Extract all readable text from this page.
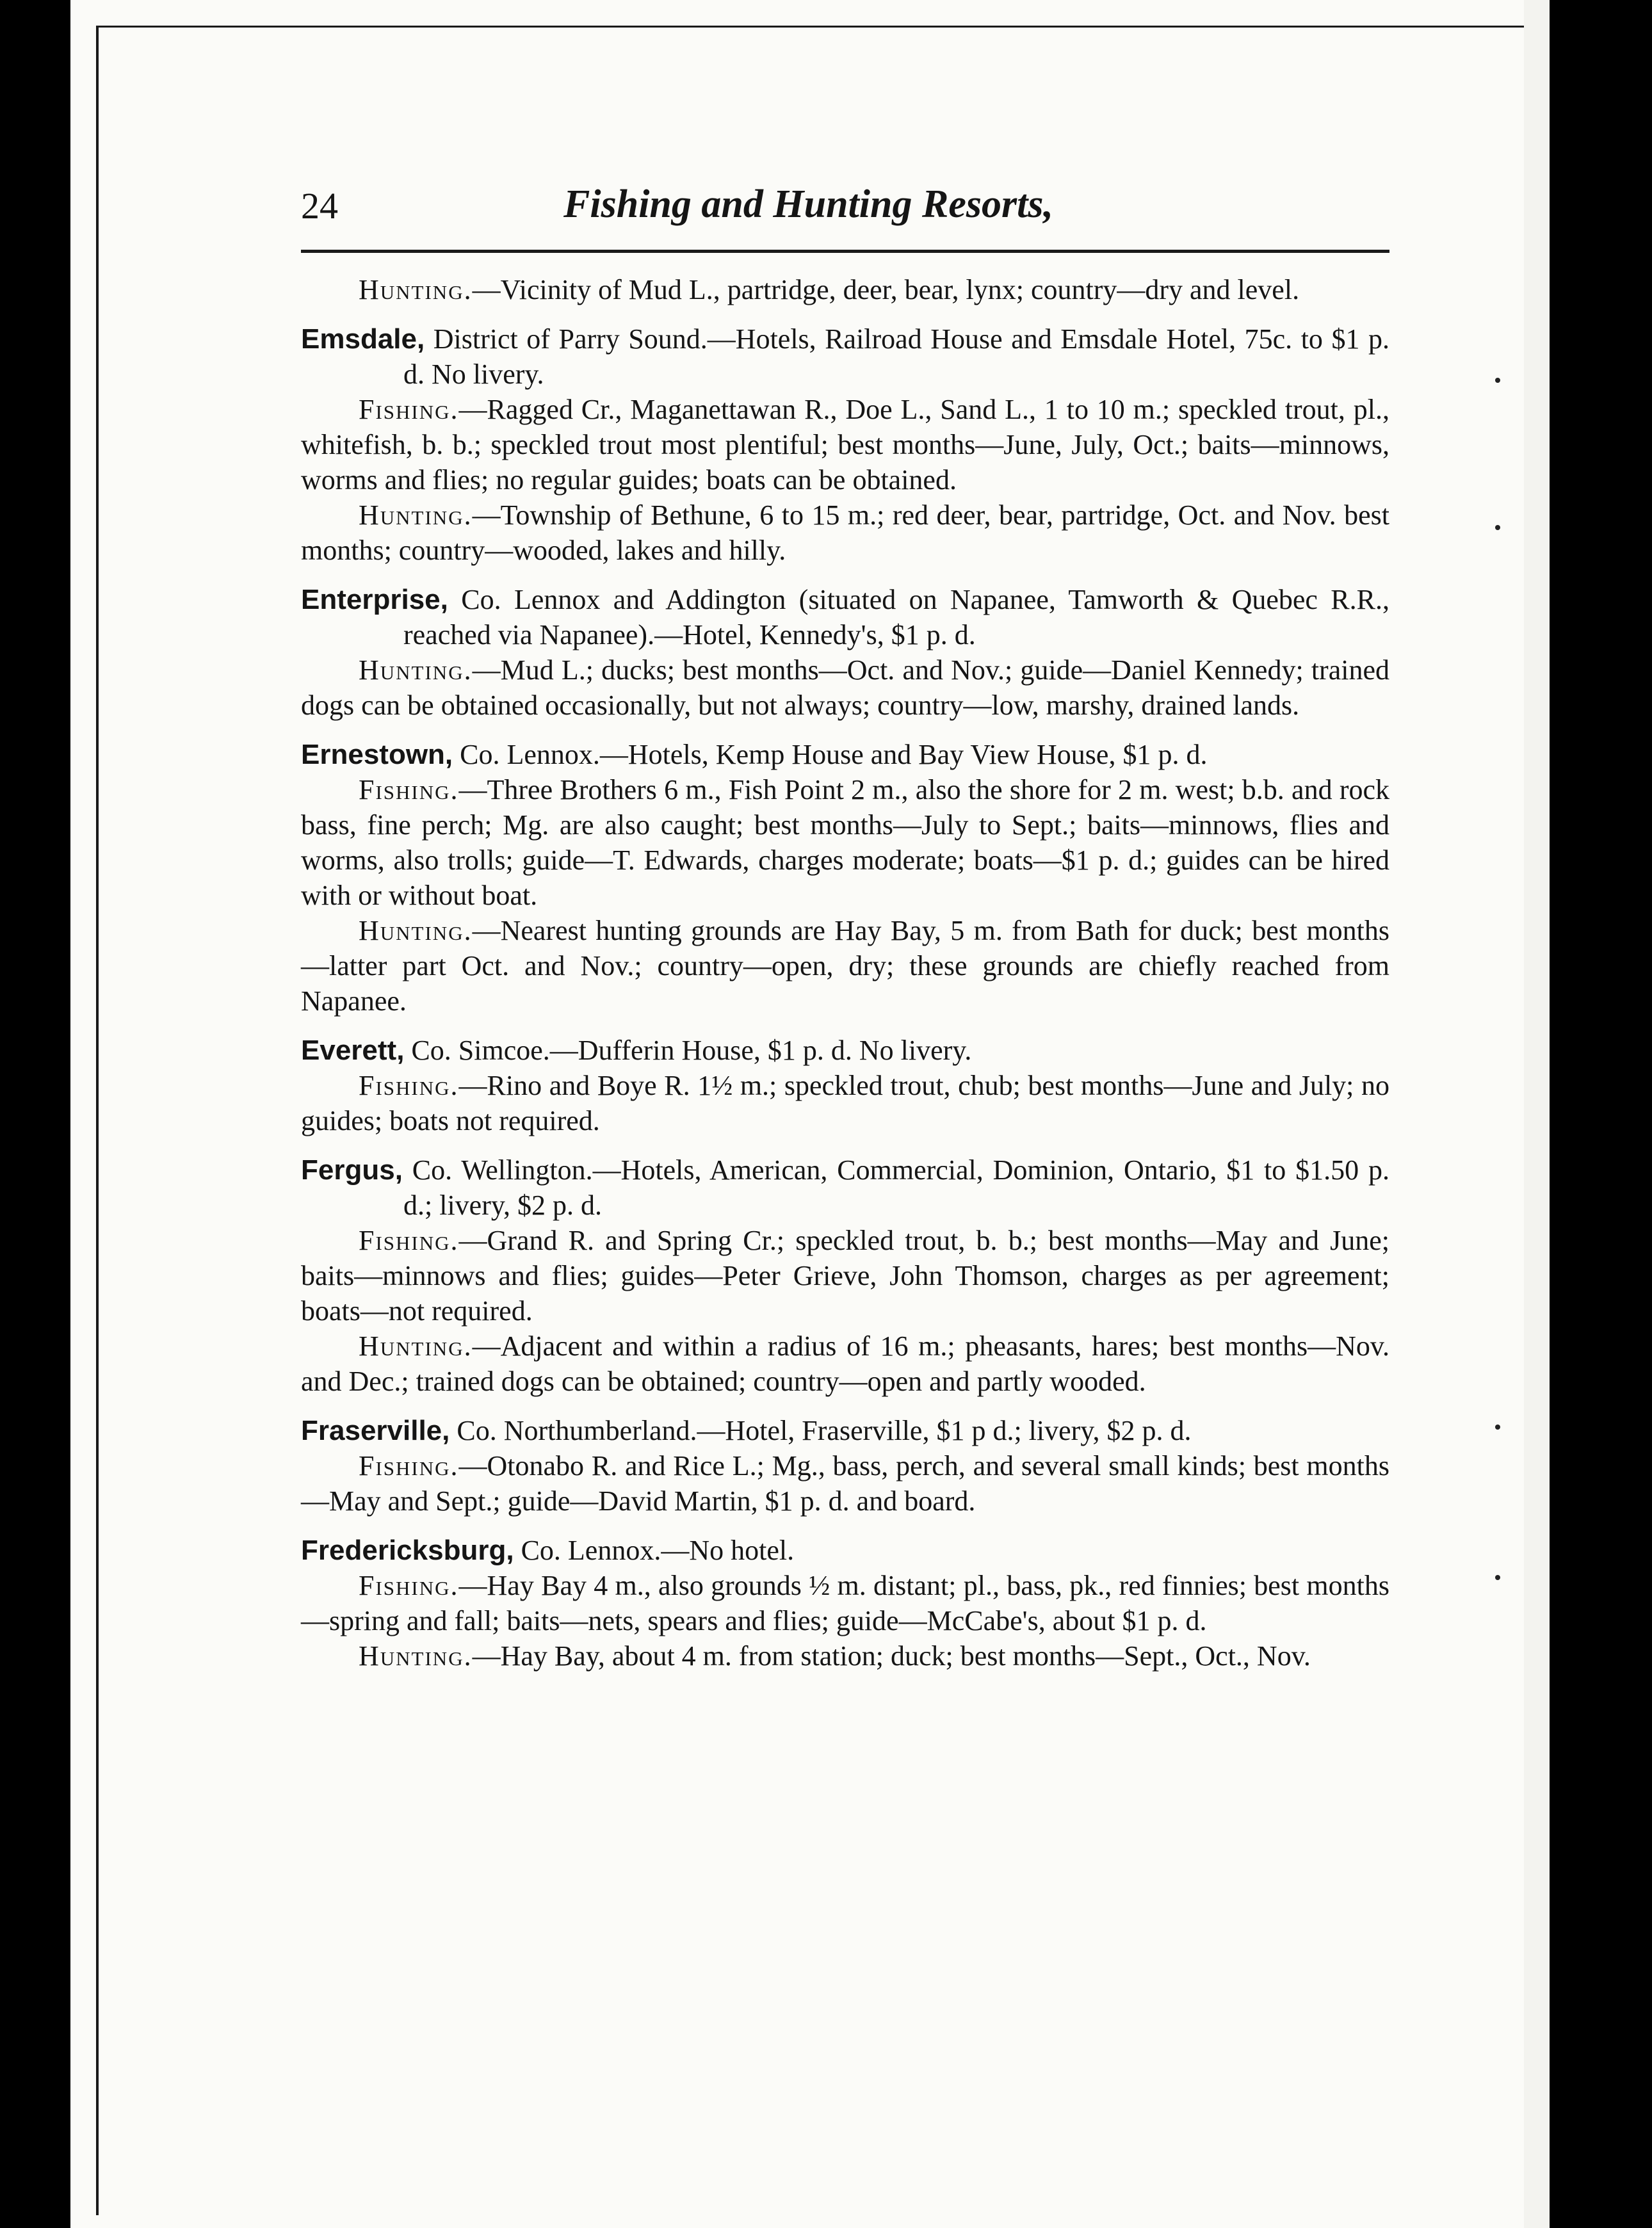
24	Fishing and Hunting Resorts,

Hunting.—Vicinity of Mud L., partridge, deer, bear, lynx; country—dry and level.

Emsdale, District of Parry Sound.—Hotels, Railroad House and Emsdale Hotel, 75c. to $1 p. d. No livery.

Fishing.—Ragged Cr., Maganettawan R., Doe L., Sand L., 1 to 10 m.; speckled trout, pl., whitefish, b. b.; speckled trout most plentiful; best months—June, July, Oct.; baits—minnows, worms and flies; no regular guides; boats can be obtained.

Hunting.—Township of Bethune, 6 to 15 m.; red deer, bear, partridge, Oct. and Nov. best months; country—wooded, lakes and hilly.

Enterprise, Co. Lennox and Addington (situated on Napanee, Tamworth & Quebec R.R., reached via Napanee).—Hotel, Kennedy's, $1 p. d.

Hunting.—Mud L.; ducks; best months—Oct. and Nov.; guide—Daniel Kennedy; trained dogs can be obtained occasionally, but not always; country—low, marshy, drained lands.

Ernestown, Co. Lennox.—Hotels, Kemp House and Bay View House, $1 p. d.

Fishing.—Three Brothers 6 m., Fish Point 2 m., also the shore for 2 m. west; b.b. and rock bass, fine perch; Mg. are also caught; best months—July to Sept.; baits—minnows, flies and worms, also trolls; guide—T. Edwards, charges moderate; boats—$1 p. d.; guides can be hired with or without boat.

Hunting.—Nearest hunting grounds are Hay Bay, 5 m. from Bath for duck; best months—latter part Oct. and Nov.; country—open, dry; these grounds are chiefly reached from Napanee.

Everett, Co. Simcoe.—Dufferin House, $1 p. d. No livery.

Fishing.—Rino and Boye R. 1½ m.; speckled trout, chub; best months—June and July; no guides; boats not required.

Fergus, Co. Wellington.—Hotels, American, Commercial, Dominion, Ontario, $1 to $1.50 p. d.; livery, $2 p. d.

Fishing.—Grand R. and Spring Cr.; speckled trout, b. b.; best months—May and June; baits—minnows and flies; guides—Peter Grieve, John Thomson, charges as per agreement; boats—not required.

Hunting.—Adjacent and within a radius of 16 m.; pheasants, hares; best months—Nov. and Dec.; trained dogs can be obtained; country—open and partly wooded.

Fraserville, Co. Northumberland.—Hotel, Fraserville, $1 p d.; livery, $2 p. d.

Fishing.—Otonabo R. and Rice L.; Mg., bass, perch, and several small kinds; best months—May and Sept.; guide—David Martin, $1 p. d. and board.

Fredericksburg, Co. Lennox.—No hotel.

Fishing.—Hay Bay 4 m., also grounds ½ m. distant; pl., bass, pk., red finnies; best months—spring and fall; baits—nets, spears and flies; guide—McCabe's, about $1 p. d.

Hunting.—Hay Bay, about 4 m. from station; duck; best months—Sept., Oct., Nov.
